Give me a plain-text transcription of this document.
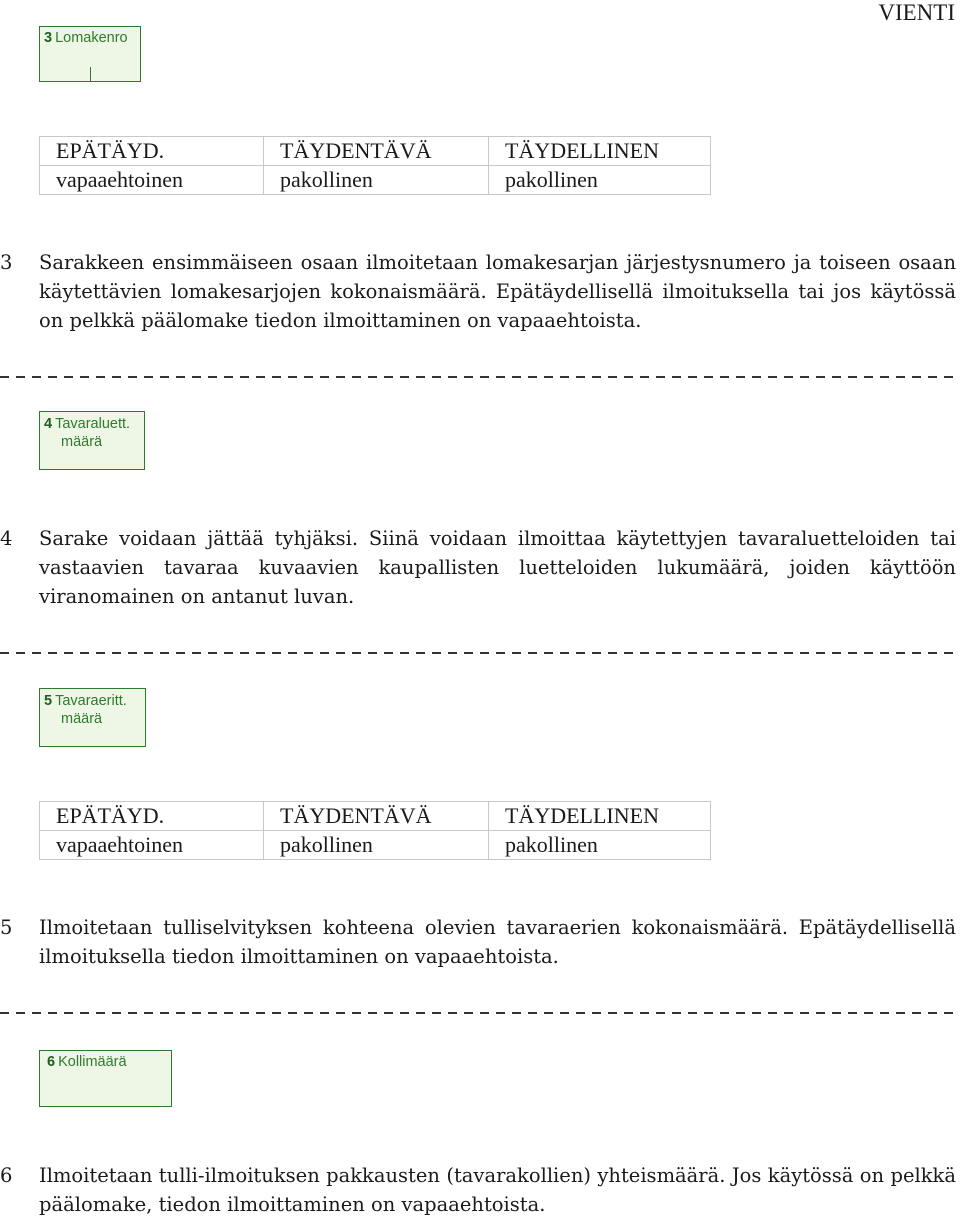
VIENTI
3 Lomakenro
EPÄTÄYD.	TÄYDENTÄVÄ	TÄYDELLINEN
vapaaehtoinen	pakollinen	pakollinen
3 Sarakkeen ensimmäiseen osaan ilmoitetaan lomakesarjan järjestysnumero ja toiseen osaan käytettävien lomakesarjojen kokonaismäärä. Epätäydellisellä ilmoituksella tai jos käytössä on pelkkä päälomake tiedon ilmoittaminen on vapaaehtoista.
4 Tavaraluett.
määrä
4 Sarake voidaan jättää tyhjäksi. Siinä voidaan ilmoittaa käytettyjen tavaraluetteloiden tai vastaavien tavaraa kuvaavien kaupallisten luetteloiden lukumäärä, joiden käyttöön viranomainen on antanut luvan.
5 Tavaraeritt.
määrä
EPÄTÄYD.	TÄYDENTÄVÄ	TÄYDELLINEN
vapaaehtoinen	pakollinen	pakollinen
5 Ilmoitetaan tulliselvityksen kohteena olevien tavaraerien kokonaismäärä. Epätäydellisellä ilmoituksella tiedon ilmoittaminen on vapaaehtoista.
6 Kollimäärä
6 Ilmoitetaan tulli-ilmoituksen pakkausten (tavarakollien) yhteismäärä. Jos käytössä on pelkkä päälomake, tiedon ilmoittaminen on vapaaehtoista.
